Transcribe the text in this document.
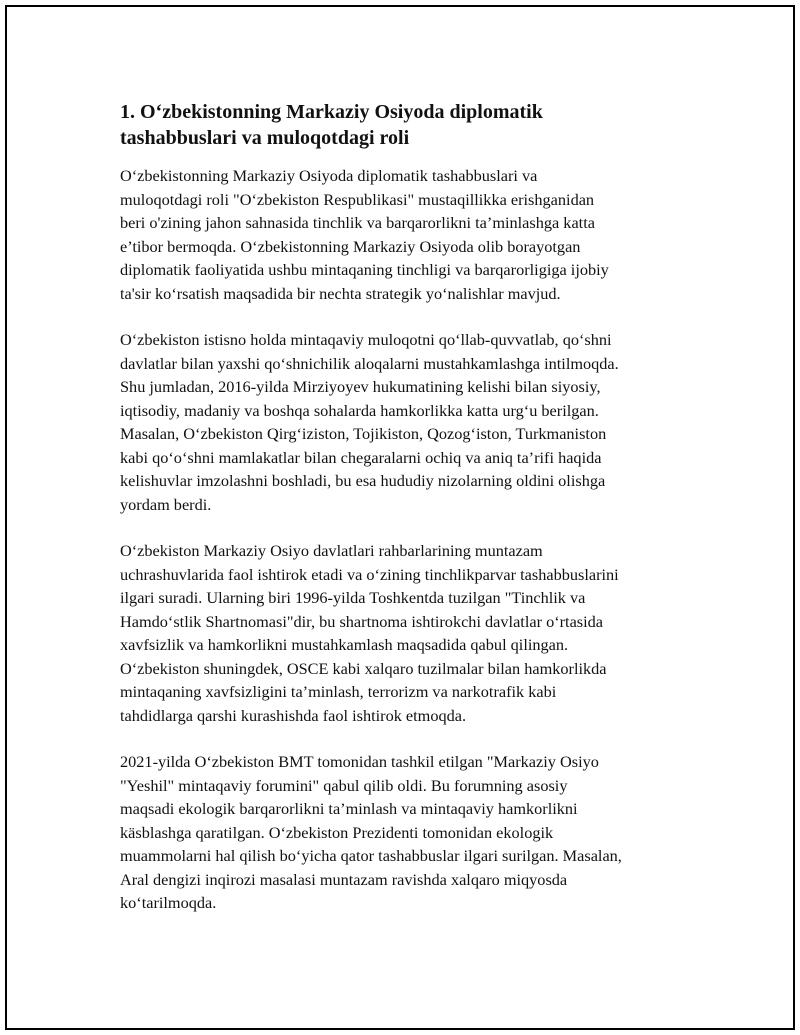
1. O‘zbekistonning Markaziy Osiyoda diplomatik
tashabbuslari va muloqotdagi roli

O‘zbekistonning Markaziy Osiyoda diplomatik tashabbuslari va
muloqotdagi roli "O‘zbekiston Respublikasi" mustaqillikka erishganidan
beri o'zining jahon sahnasida tinchlik va barqarorlikni ta’minlashga katta
e’tibor bermoqda. O‘zbekistonning Markaziy Osiyoda olib borayotgan
diplomatik faoliyatida ushbu mintaqaning tinchligi va barqarorligiga ijobiy
ta'sir ko‘rsatish maqsadida bir nechta strategik yo‘nalishlar mavjud.

O‘zbekiston istisno holda mintaqaviy muloqotni qo‘llab-quvvatlab, qo‘shni
davlatlar bilan yaxshi qo‘shnichilik aloqalarni mustahkamlashga intilmoqda.
Shu jumladan, 2016-yilda Mirziyoyev hukumatining kelishi bilan siyosiy,
iqtisodiy, madaniy va boshqa sohalarda hamkorlikka katta urg‘u berilgan.
Masalan, O‘zbekiston Qirg‘iziston, Tojikiston, Qozog‘iston, Turkmaniston
kabi qo‘o‘shni mamlakatlar bilan chegaralarni ochiq va aniq ta’rifi haqida
kelishuvlar imzolashni boshladi, bu esa hududiy nizolarning oldini olishga
yordam berdi.

O‘zbekiston Markaziy Osiyo davlatlari rahbarlarining muntazam
uchrashuvlarida faol ishtirok etadi va o‘zining tinchlikparvar tashabbuslarini
ilgari suradi. Ularning biri 1996-yilda Toshkentda tuzilgan "Tinchlik va
Hamdo‘stlik Shartnomasi"dir, bu shartnoma ishtirokchi davlatlar o‘rtasida
xavfsizlik va hamkorlikni mustahkamlash maqsadida qabul qilingan.
O‘zbekiston shuningdek, OSCE kabi xalqaro tuzilmalar bilan hamkorlikda
mintaqaning xavfsizligini ta’minlash, terrorizm va narkotrafik kabi
tahdidlarga qarshi kurashishda faol ishtirok etmoqda.

2021-yilda O‘zbekiston BMT tomonidan tashkil etilgan "Markaziy Osiyo
"Yeshil" mintaqaviy forumini" qabul qilib oldi. Bu forumning asosiy
maqsadi ekologik barqarorlikni ta’minlash va mintaqaviy hamkorlikni
käsblashga qaratilgan. O‘zbekiston Prezidenti tomonidan ekologik
muammolarni hal qilish bo‘yicha qator tashabbuslar ilgari surilgan. Masalan,
Aral dengizi inqirozi masalasi muntazam ravishda xalqaro miqyosda
ko‘tarilmoqda.
